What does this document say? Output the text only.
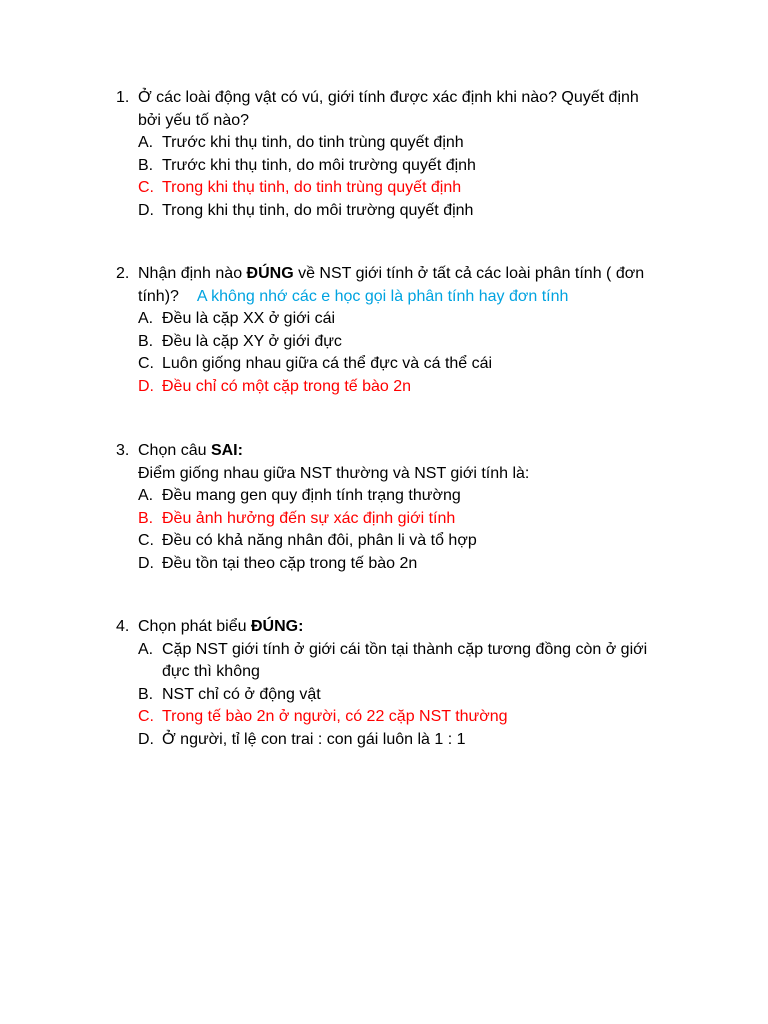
1. Ở các loài động vật có vú, giới tính được xác định khi nào? Quyết định
bởi yếu tố nào?
A. Trước khi thụ tinh, do tinh trùng quyết định
B. Trước khi thụ tinh, do môi trường quyết định
C. Trong khi thụ tinh, do tinh trùng quyết định
D. Trong khi thụ tinh, do môi trường quyết định
2. Nhận định nào ĐÚNG về NST giới tính ở tất cả các loài phân tính ( đơn
tính)? A không nhớ các e học gọi là phân tính hay đơn tính
A. Đều là cặp XX ở giới cái
B. Đều là cặp XY ở giới đực
C. Luôn giống nhau giữa cá thể đực và cá thể cái
D. Đều chỉ có một cặp trong tế bào 2n
3. Chọn câu SAI:
Điểm giống nhau giữa NST thường và NST giới tính là:
A. Đều mang gen quy định tính trạng thường
B. Đều ảnh hưởng đến sự xác định giới tính
C. Đều có khả năng nhân đôi, phân li và tổ hợp
D. Đều tồn tại theo cặp trong tế bào 2n
4. Chọn phát biểu ĐÚNG:
A. Cặp NST giới tính ở giới cái tồn tại thành cặp tương đồng còn ở giới
đực thì không
B. NST chỉ có ở động vật
C. Trong tế bào 2n ở người, có 22 cặp NST thường
D. Ở người, tỉ lệ con trai : con gái luôn là 1 : 1
